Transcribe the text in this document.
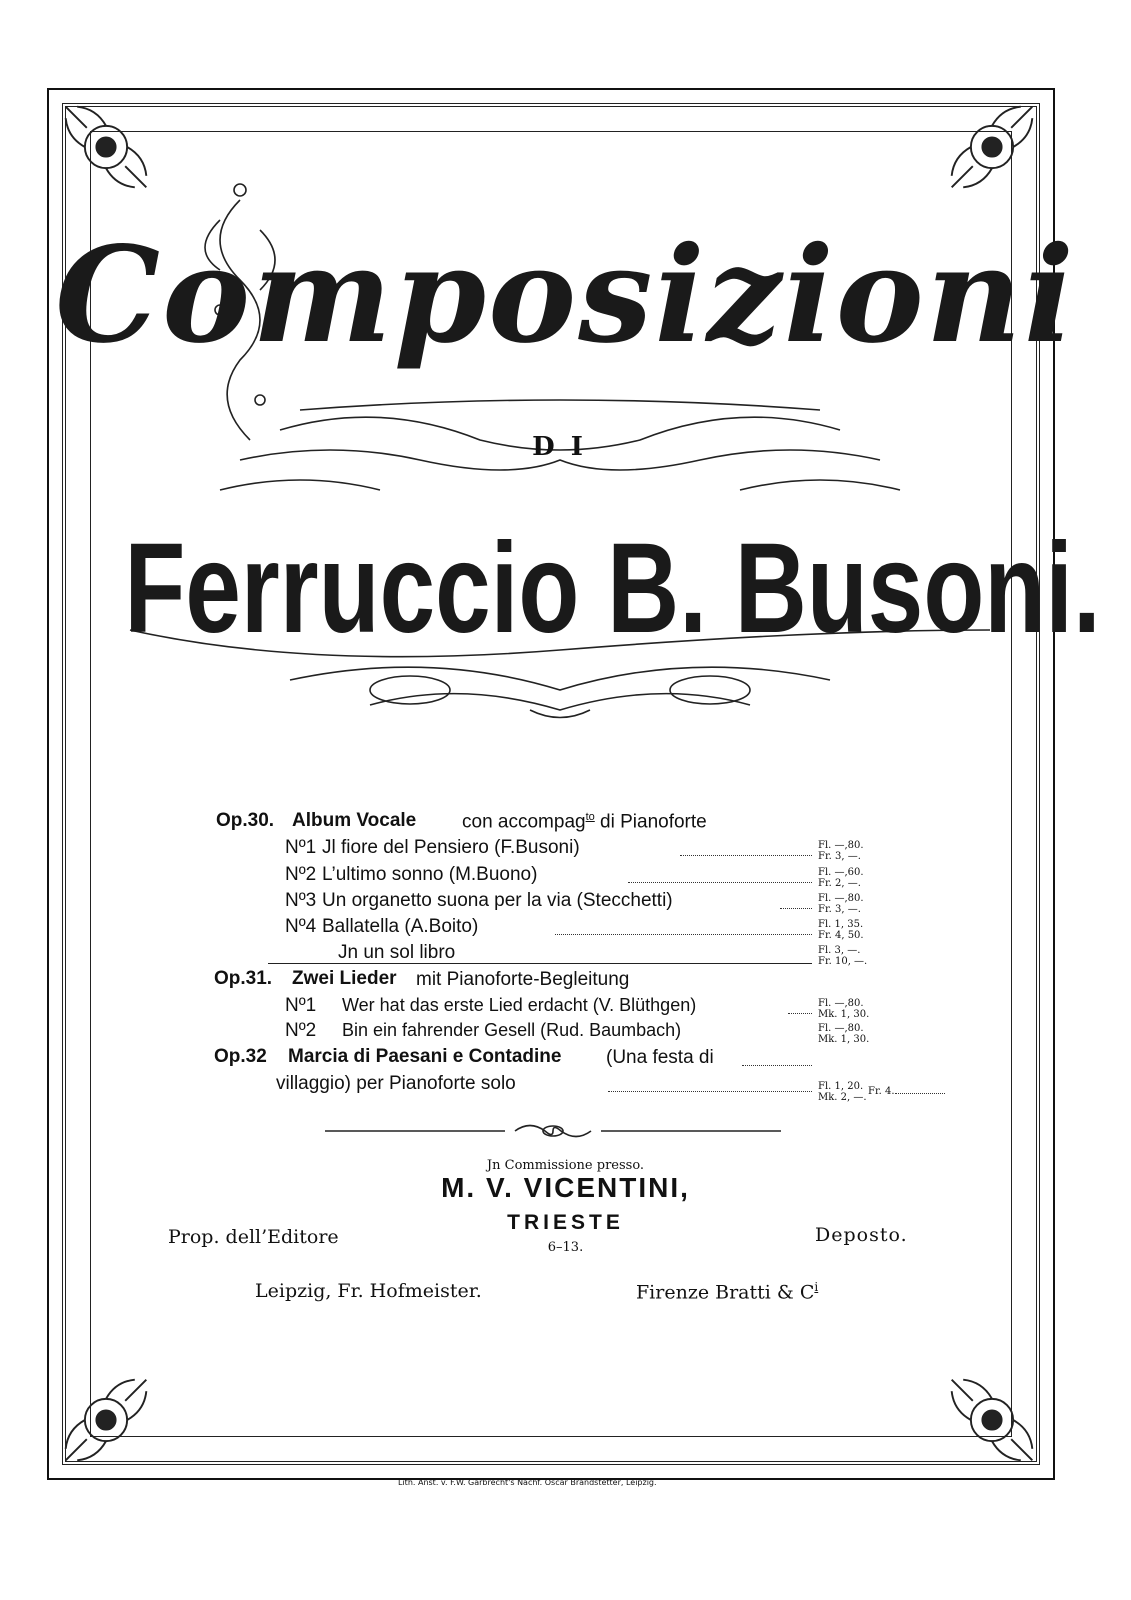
Composizioni
DI
Ferruccio B. Busoni.
Op.30. Album Vocale con accompag$^{to}$ di Pianoforte
Nº1 Jl fiore del Pensiero (F.Busoni)	Fl. —,80.
Fr. 3, —.
Nº2 L’ultimo sonno (M.Buono)	Fl. —,60.
Fr. 2, —.
Nº3 Un organetto suona per la via (Stecchetti)	Fl. —,80.
Fr. 3, —.
Nº4 Ballatella (A.Boito)	Fl. 1, 35.
Fr. 4, 50.
Jn un sol libro	Fl. 3, —.
Fr. 10, —.
Op.31. Zwei Lieder mit Pianoforte-Begleitung
Nº1 Wer hat das erste Lied erdacht (V. Blüthgen)	Fl. —,80.
Mk. 1, 30.
Nº2 Bin ein fahrender Gesell (Rud. Baumbach)	Fl. —,80.
Mk. 1, 30.
Op.32 Marcia di Paesani e Contadine (Una festa di
villaggio) per Pianoforte solo	Fl. 1, 20.
Mk. 2, —.
Fr. 4.
Jn Commissione presso.
M. V. VICENTINI,
TRIESTE
6–13.
Prop. dell’Editore	Deposto.
Leipzig, Fr. Hofmeister.	Firenze Bratti & $C^i$
Lith. Anst. v. F.W. Garbrecht's Nachf. Oscar Brandstetter, Leipzig.
